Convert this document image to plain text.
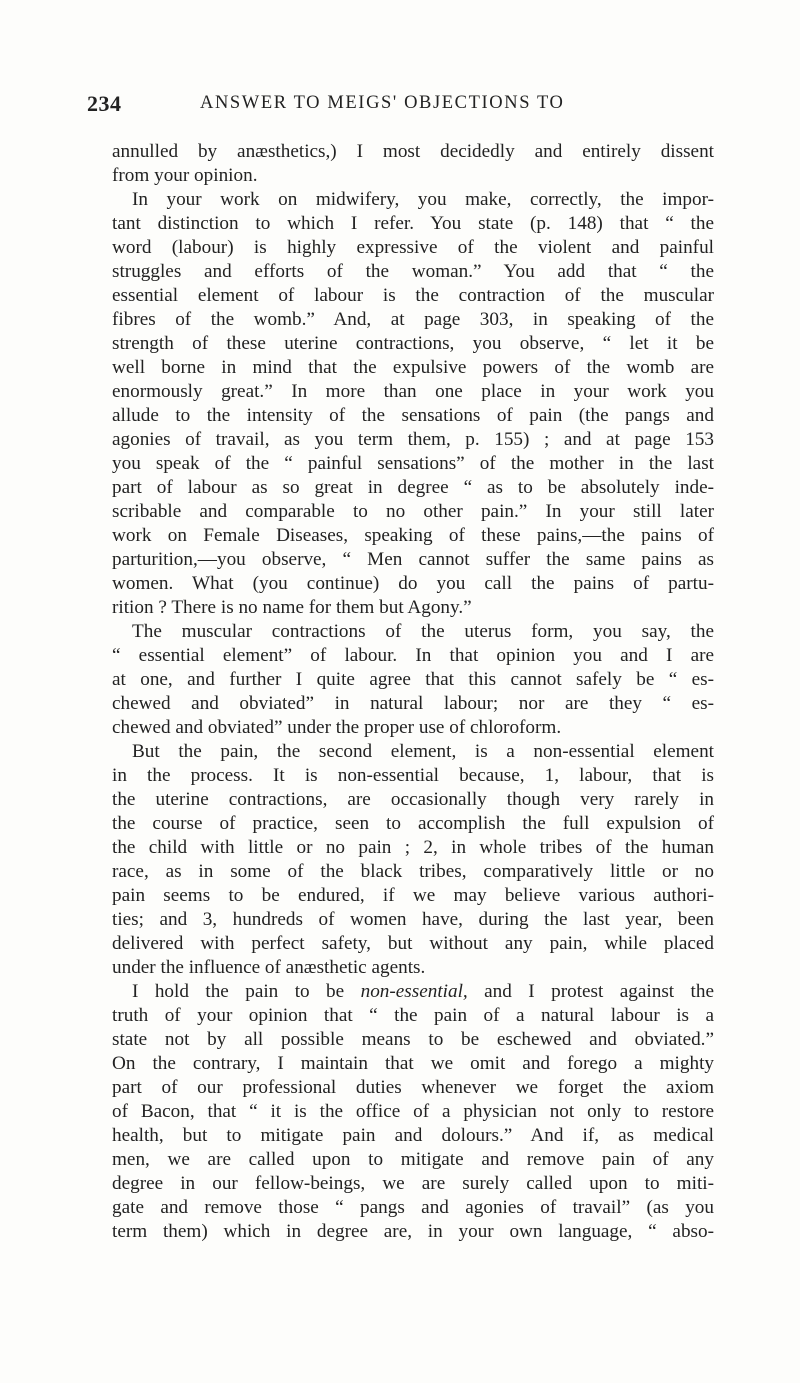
234	ANSWER TO MEIGS' OBJECTIONS TO
annulled by anæsthetics,) I most decidedly and entirely dissent
from your opinion.
In your work on midwifery, you make, correctly, the impor-
tant distinction to which I refer. You state (p. 148) that “ the
word (labour) is highly expressive of the violent and painful
struggles and efforts of the woman.” You add that “ the
essential element of labour is the contraction of the muscular
fibres of the womb.” And, at page 303, in speaking of the
strength of these uterine contractions, you observe, “ let it be
well borne in mind that the expulsive powers of the womb are
enormously great.” In more than one place in your work you
allude to the intensity of the sensations of pain (the pangs and
agonies of travail, as you term them, p. 155) ; and at page 153
you speak of the “ painful sensations” of the mother in the last
part of labour as so great in degree “ as to be absolutely inde-
scribable and comparable to no other pain.” In your still later
work on Female Diseases, speaking of these pains,—the pains of
parturition,—you observe, “ Men cannot suffer the same pains as
women. What (you continue) do you call the pains of partu-
rition ? There is no name for them but Agony.”
The muscular contractions of the uterus form, you say, the
“ essential element” of labour. In that opinion you and I are
at one, and further I quite agree that this cannot safely be “ es-
chewed and obviated” in natural labour; nor are they “ es-
chewed and obviated” under the proper use of chloroform.
But the pain, the second element, is a non-essential element
in the process. It is non-essential because, 1, labour, that is
the uterine contractions, are occasionally though very rarely in
the course of practice, seen to accomplish the full expulsion of
the child with little or no pain ; 2, in whole tribes of the human
race, as in some of the black tribes, comparatively little or no
pain seems to be endured, if we may believe various authori-
ties; and 3, hundreds of women have, during the last year, been
delivered with perfect safety, but without any pain, while placed
under the influence of anæsthetic agents.
I hold the pain to be non-essential, and I protest against the
truth of your opinion that “ the pain of a natural labour is a
state not by all possible means to be eschewed and obviated.”
On the contrary, I maintain that we omit and forego a mighty
part of our professional duties whenever we forget the axiom
of Bacon, that “ it is the office of a physician not only to restore
health, but to mitigate pain and dolours.” And if, as medical
men, we are called upon to mitigate and remove pain of any
degree in our fellow-beings, we are surely called upon to miti-
gate and remove those “ pangs and agonies of travail” (as you
term them) which in degree are, in your own language, “ abso-
